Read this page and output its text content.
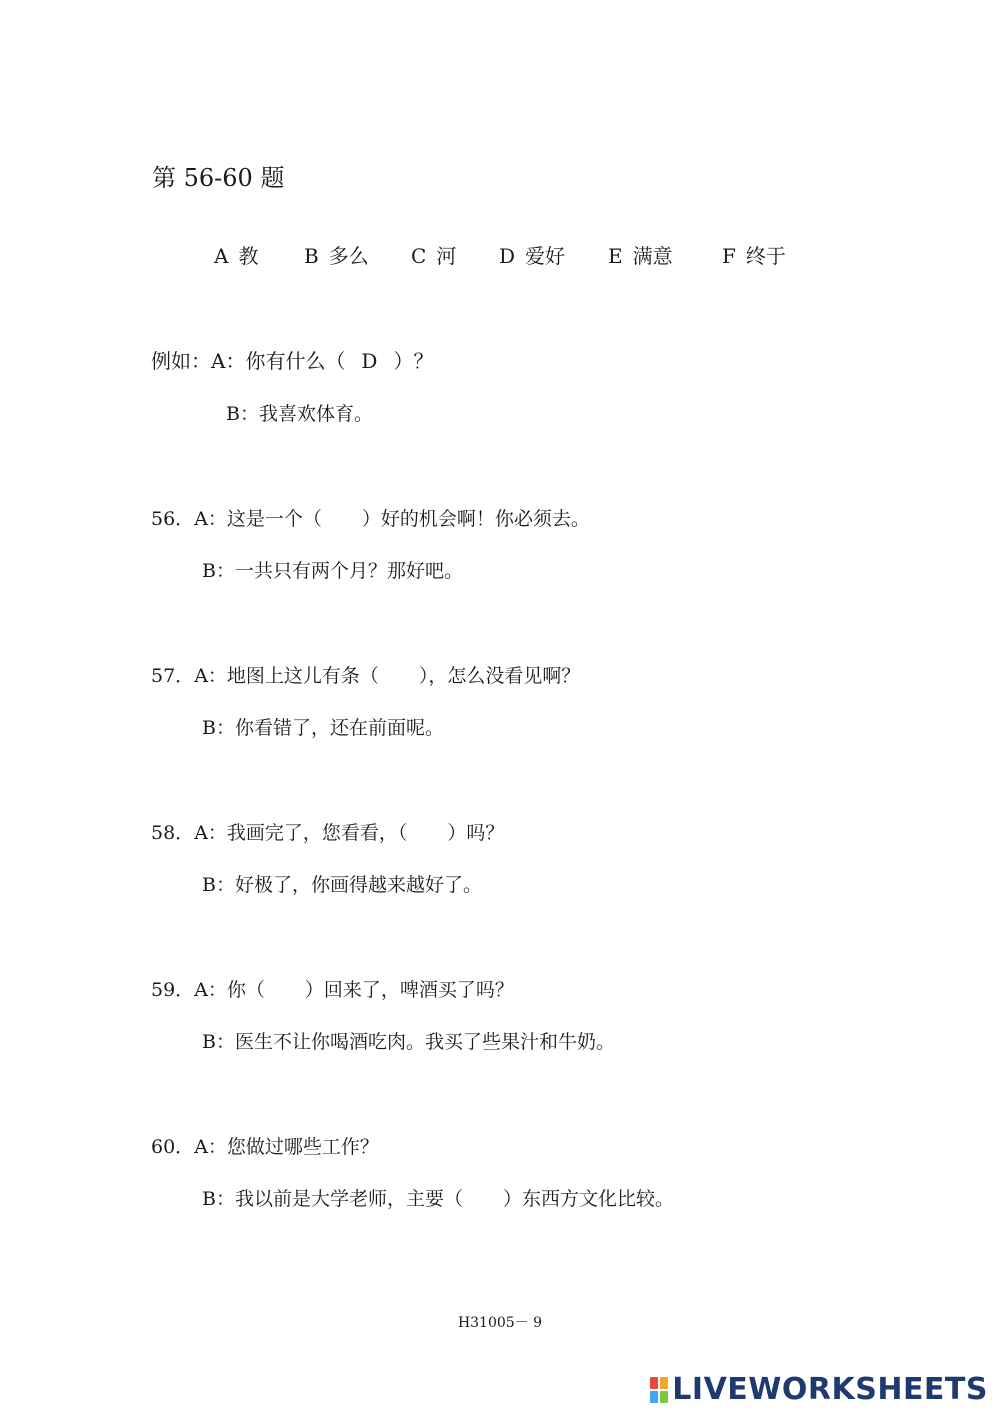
第 56-60 题
A 教 B 多么 C 河 D 爱好 E 满意 F 终于
例如：A：你有什么（ D ）？
B：我喜欢体育。
56．A：这是一个（ ）好的机会啊！你必须去。
B：一共只有两个月？那好吧。
57．A：地图上这儿有条（ ），怎么没看见啊？
B：你看错了，还在前面呢。
58．A：我画完了，您看看，（ ）吗？
B：好极了，你画得越来越好了。
59．A：你（ ）回来了，啤酒买了吗？
B：医生不让你喝酒吃肉。我买了些果汁和牛奶。
60．A：您做过哪些工作？
B：我以前是大学老师，主要（ ）东西方文化比较。
H31005－ 9
LIVEWORKSHEETS
